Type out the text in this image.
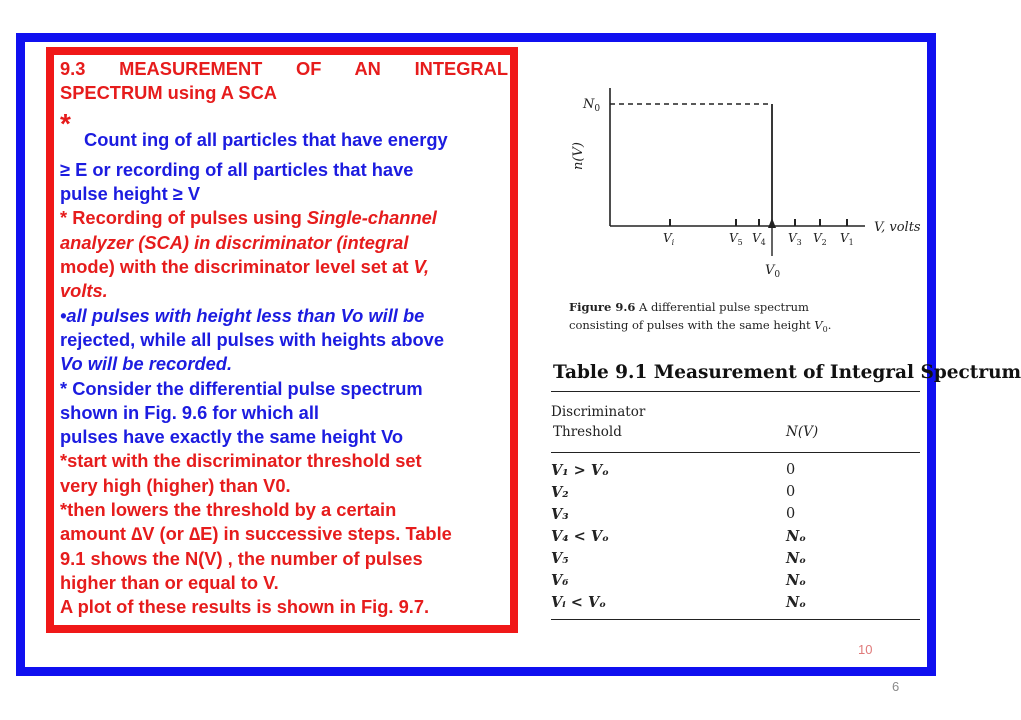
9.3 MEASUREMENT OF AN INTEGRAL

SPECTRUM using A SCA

*

Count ing of all particles that have energy

≥ E or recording of all particles that have

pulse height ≥ V

* Recording of pulses using Single-channel

analyzer (SCA) in discriminator (integral

mode) with the discriminator level set at V,

volts.

•all pulses with height less than Vo will be

rejected, while all pulses with heights above

Vo will be recorded.

* Consider the differential pulse spectrum

shown in Fig. 9.6 for which all

pulses have exactly the same height Vo

*start with the discriminator threshold set

very high (higher) than V0.

*then lowers the threshold by a certain

amount ∆V (or ∆E) in successive steps. Table

9.1 shows the N(V) , the number of pulses

higher than or equal to V.

A plot of these results is shown in Fig. 9.7.

n(V)
$N_0$
V, volts
$V_i$	$V_5$ $V_4$ $V_3$ $V_2$ $V_1$
$V_0$
Figure 9.6 A differential pulse spectrum
consisting of pulses with the same height $V_0$.
Table 9.1 Measurement of Integral Spectrum
Discriminator
Threshold	N(V)
V₁ > Vₒ	0
V₂	0
V₃	0
V₄ < Vₒ	Nₒ
V₅	Nₒ
V₆	Nₒ
Vᵢ < Vₒ	Nₒ
10
6
